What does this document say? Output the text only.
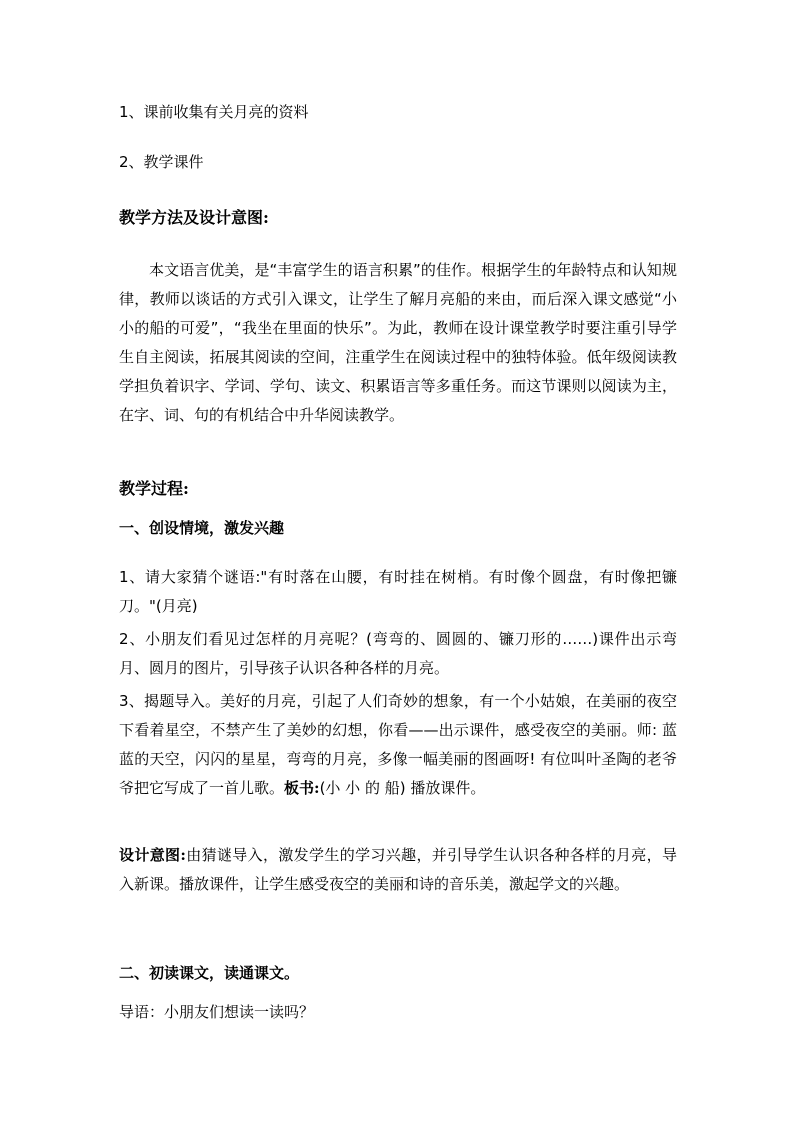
1、课前收集有关月亮的资料
2、教学课件
教学方法及设计意图:

本文语言优美，是“丰富学生的语言积累”的佳作。根据学生的年龄特点和认知规律，教师以谈话的方式引入课文，让学生了解月亮船的来由，而后深入课文感觉“小小的船的可爱”，“我坐在里面的快乐”。为此，教师在设计课堂教学时要注重引导学生自主阅读，拓展其阅读的空间，注重学生在阅读过程中的独特体验。低年级阅读教学担负着识字、学词、学句、读文、积累语言等多重任务。而这节课则以阅读为主，在字、词、句的有机结合中升华阅读教学。

教学过程:
一、创设情境，激发兴趣

1、请大家猜个谜语:"有时落在山腰，有时挂在树梢。有时像个圆盘，有时像把镰刀。"(月亮)

2、小朋友们看见过怎样的月亮呢？(弯弯的、圆圆的、镰刀形的……)课件出示弯月、圆月的图片，引导孩子认识各种各样的月亮。

3、揭题导入。美好的月亮，引起了人们奇妙的想象，有一个小姑娘，在美丽的夜空下看着星空，不禁产生了美妙的幻想，你看——出示课件，感受夜空的美丽。师: 蓝蓝的天空，闪闪的星星，弯弯的月亮，多像一幅美丽的图画呀! 有位叫叶圣陶的老爷爷把它写成了一首儿歌。板书:(小 小 的 船) 播放课件。

设计意图:由猜谜导入，激发学生的学习兴趣，并引导学生认识各种各样的月亮，导入新课。播放课件，让学生感受夜空的美丽和诗的音乐美，激起学文的兴趣。

二、初读课文，读通课文。
导语：小朋友们想读一读吗？
